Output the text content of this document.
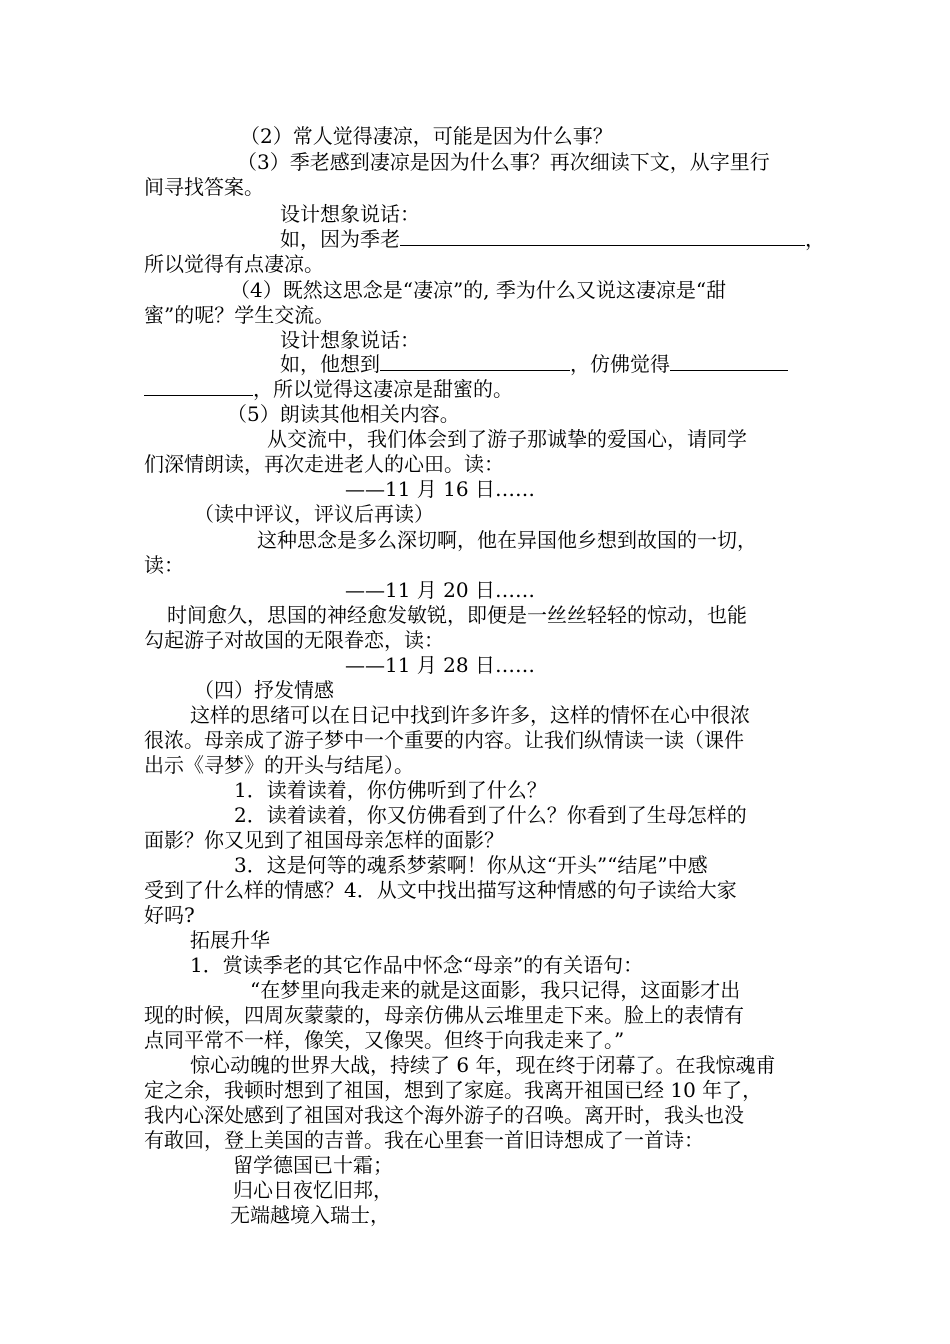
（2）常人觉得凄凉，可能是因为什么事？
（3）季老感到凄凉是因为什么事？再次细读下文，从字里行
间寻找答案。
设计想象说话：
如，因为季老	，
所以觉得有点凄凉。
（4）既然这思念是“凄凉”的, 季为什么又说这凄凉是“甜
蜜”的呢？学生交流。
设计想象说话：
如，他想到	，仿佛觉得
，所以觉得这凄凉是甜蜜的。
（5）朗读其他相关内容。
从交流中，我们体会到了游子那诚挚的爱国心，请同学
们深情朗读，再次走进老人的心田。读：
——11 月 16 日……
（读中评议，评议后再读）
这种思念是多么深切啊，他在异国他乡想到故国的一切，
读：
——11 月 20 日……
时间愈久，思国的神经愈发敏锐，即便是一丝丝轻轻的惊动，也能
勾起游子对故国的无限眷恋，读：
——11 月 28 日……
（四）抒发情感
这样的思绪可以在日记中找到许多许多，这样的情怀在心中很浓
很浓。母亲成了游子梦中一个重要的内容。让我们纵情读一读（课件
出示《寻梦》的开头与结尾）。
1．读着读着，你仿佛听到了什么？
2．读着读着，你又仿佛看到了什么？你看到了生母怎样的
面影？你又见到了祖国母亲怎样的面影？
3．这是何等的魂系梦萦啊！你从这“开头”“结尾”中感
受到了什么样的情感？4．从文中找出描写这种情感的句子读给大家
好吗?
拓展升华
1．赏读季老的其它作品中怀念“母亲”的有关语句：
“在梦里向我走来的就是这面影，我只记得，这面影才出
现的时候，四周灰蒙蒙的，母亲仿佛从云堆里走下来。脸上的表情有
点同平常不一样，像笑，又像哭。但终于向我走来了。”
惊心动魄的世界大战，持续了 6 年，现在终于闭幕了。在我惊魂甫
定之余，我顿时想到了祖国，想到了家庭。我离开祖国已经 10 年了，
我内心深处感到了祖国对我这个海外游子的召唤。离开时，我头也没
有敢回，登上美国的吉普。我在心里套一首旧诗想成了一首诗：
留学德国已十霜；
归心日夜忆旧邦，
无端越境入瑞士，
